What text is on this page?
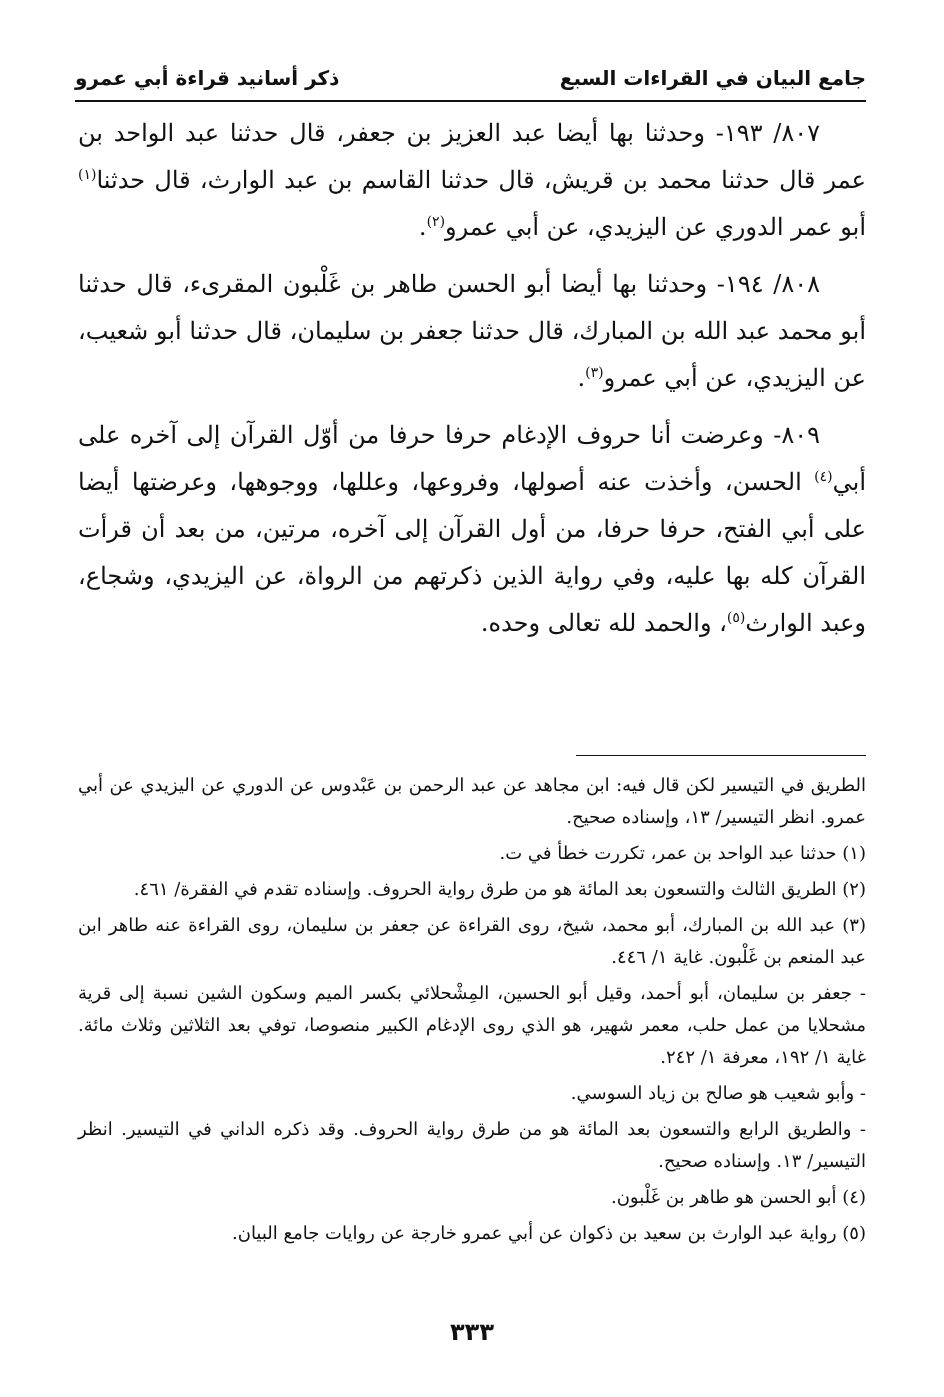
ذكر أسانيد قراءة أبي عمرو	جامع البيان في القراءات السبع

٨٠٧/ ١٩٣- وحدثنا بها أيضا عبد العزيز بن جعفر، قال حدثنا عبد الواحد بن عمر قال حدثنا محمد بن قريش، قال حدثنا القاسم بن عبد الوارث، قال حدثنا$^{(١)}$ أبو عمر الدوري عن اليزيدي، عن أبي عمرو$^{(٢)}$.

٨٠٨/ ١٩٤- وحدثنا بها أيضا أبو الحسن طاهر بن غَلْبون المقرىء، قال حدثنا أبو محمد عبد الله بن المبارك، قال حدثنا جعفر بن سليمان، قال حدثنا أبو شعيب، عن اليزيدي، عن أبي عمرو$^{(٣)}$.

٨٠٩- وعرضت أنا حروف الإدغام حرفا حرفا من أوّل القرآن إلى آخره على أبي$^{(٤)}$ الحسن، وأخذت عنه أصولها، وفروعها، وعللها، ووجوهها، وعرضتها أيضا على أبي الفتح، حرفا حرفا، من أول القرآن إلى آخره، مرتين، من بعد أن قرأت القرآن كله بها عليه، وفي رواية الذين ذكرتهم من الرواة، عن اليزيدي، وشجاع، وعبد الوارث$^{(٥)}$، والحمد لله تعالى وحده.

الطريق في التيسير لكن قال فيه: ابن مجاهد عن عبد الرحمن بن عَبْدوس عن الدوري عن اليزيدي عن أبي عمرو. انظر التيسير/ ١٣، وإسناده صحيح.

(١) حدثنا عبد الواحد بن عمر، تكررت خطأ في ت.

(٢) الطريق الثالث والتسعون بعد المائة هو من طرق رواية الحروف. وإسناده تقدم في الفقرة/ ٤٦١.

(٣) عبد الله بن المبارك، أبو محمد، شيخ، روى القراءة عن جعفر بن سليمان، روى القراءة عنه طاهر ابن عبد المنعم بن غَلْبون. غاية ١/ ٤٤٦.

- جعفر بن سليمان، أبو أحمد، وقيل أبو الحسين، المِشْحلائي بكسر الميم وسكون الشين نسبة إلى قرية مشحلايا من عمل حلب، معمر شهير، هو الذي روى الإدغام الكبير منصوصا، توفي بعد الثلاثين وثلاث مائة. غاية ١/ ١٩٢، معرفة ١/ ٢٤٢.

- وأبو شعيب هو صالح بن زياد السوسي.

- والطريق الرابع والتسعون بعد المائة هو من طرق رواية الحروف. وقد ذكره الداني في التيسير. انظر التيسير/ ١٣. وإسناده صحيح.

(٤) أبو الحسن هو طاهر بن غَلْبون.

(٥) رواية عبد الوارث بن سعيد بن ذكوان عن أبي عمرو خارجة عن روايات جامع البيان.

٣٣٣
